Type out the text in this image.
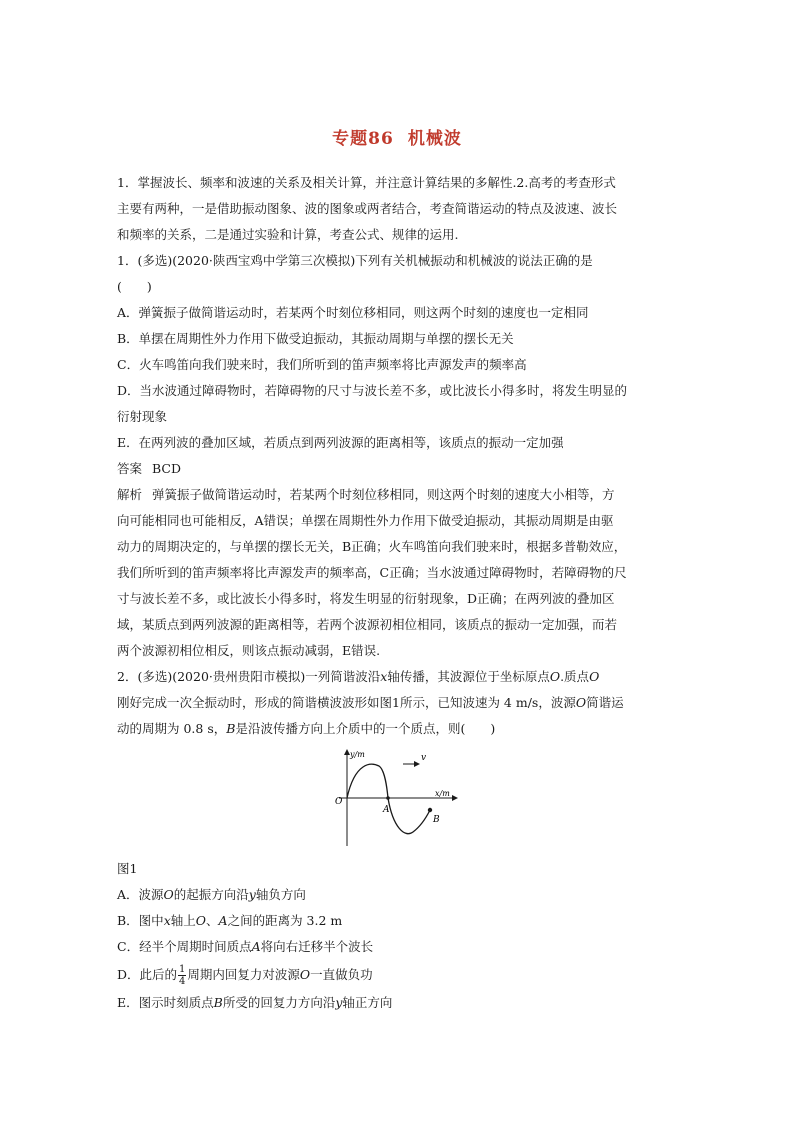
专题86 机械波

1．掌握波长、频率和波速的关系及相关计算，并注意计算结果的多解性.2.高考的考查形式

主要有两种，一是借助振动图象、波的图象或两者结合，考查简谐运动的特点及波速、波长

和频率的关系，二是通过实验和计算，考查公式、规律的运用.

1．(多选)(2020·陕西宝鸡中学第三次模拟)下列有关机械振动和机械波的说法正确的是

(　　)

A．弹簧振子做简谐运动时，若某两个时刻位移相同，则这两个时刻的速度也一定相同

B．单摆在周期性外力作用下做受迫振动，其振动周期与单摆的摆长无关

C．火车鸣笛向我们驶来时，我们所听到的笛声频率将比声源发声的频率高

D．当水波通过障碍物时，若障碍物的尺寸与波长差不多，或比波长小得多时，将发生明显的

衍射现象

E．在两列波的叠加区域，若质点到两列波源的距离相等，该质点的振动一定加强

答案 BCD

解析 弹簧振子做简谐运动时，若某两个时刻位移相同，则这两个时刻的速度大小相等，方

向可能相同也可能相反，A错误；单摆在周期性外力作用下做受迫振动，其振动周期是由驱

动力的周期决定的，与单摆的摆长无关，B正确；火车鸣笛向我们驶来时，根据多普勒效应，

我们所听到的笛声频率将比声源发声的频率高，C正确；当水波通过障碍物时，若障碍物的尺

寸与波长差不多，或比波长小得多时，将发生明显的衍射现象，D正确；在两列波的叠加区

域，某质点到两列波源的距离相等，若两个波源初相位相同，该质点的振动一定加强，而若

两个波源初相位相反，则该点振动减弱，E错误.

2．(多选)(2020·贵州贵阳市模拟)一列简谐波沿x轴传播，其波源位于坐标原点O.质点O

刚好完成一次全振动时，形成的简谐横波波形如图1所示，已知波速为 4 m/s，波源O简谐运

动的周期为 0.8 s，B是沿波传播方向上介质中的一个质点，则(　　)

y/m
x/m
O
A
B
v

图1

A．波源O的起振方向沿y轴负方向

B．图中x轴上O、A之间的距离为 3.2 m

C．经半个周期时间质点A将向右迁移半个波长

D．此后的 $\frac{1}{4}$ 周期内回复力对波源O一直做负功

E．图示时刻质点B所受的回复力方向沿y轴正方向
